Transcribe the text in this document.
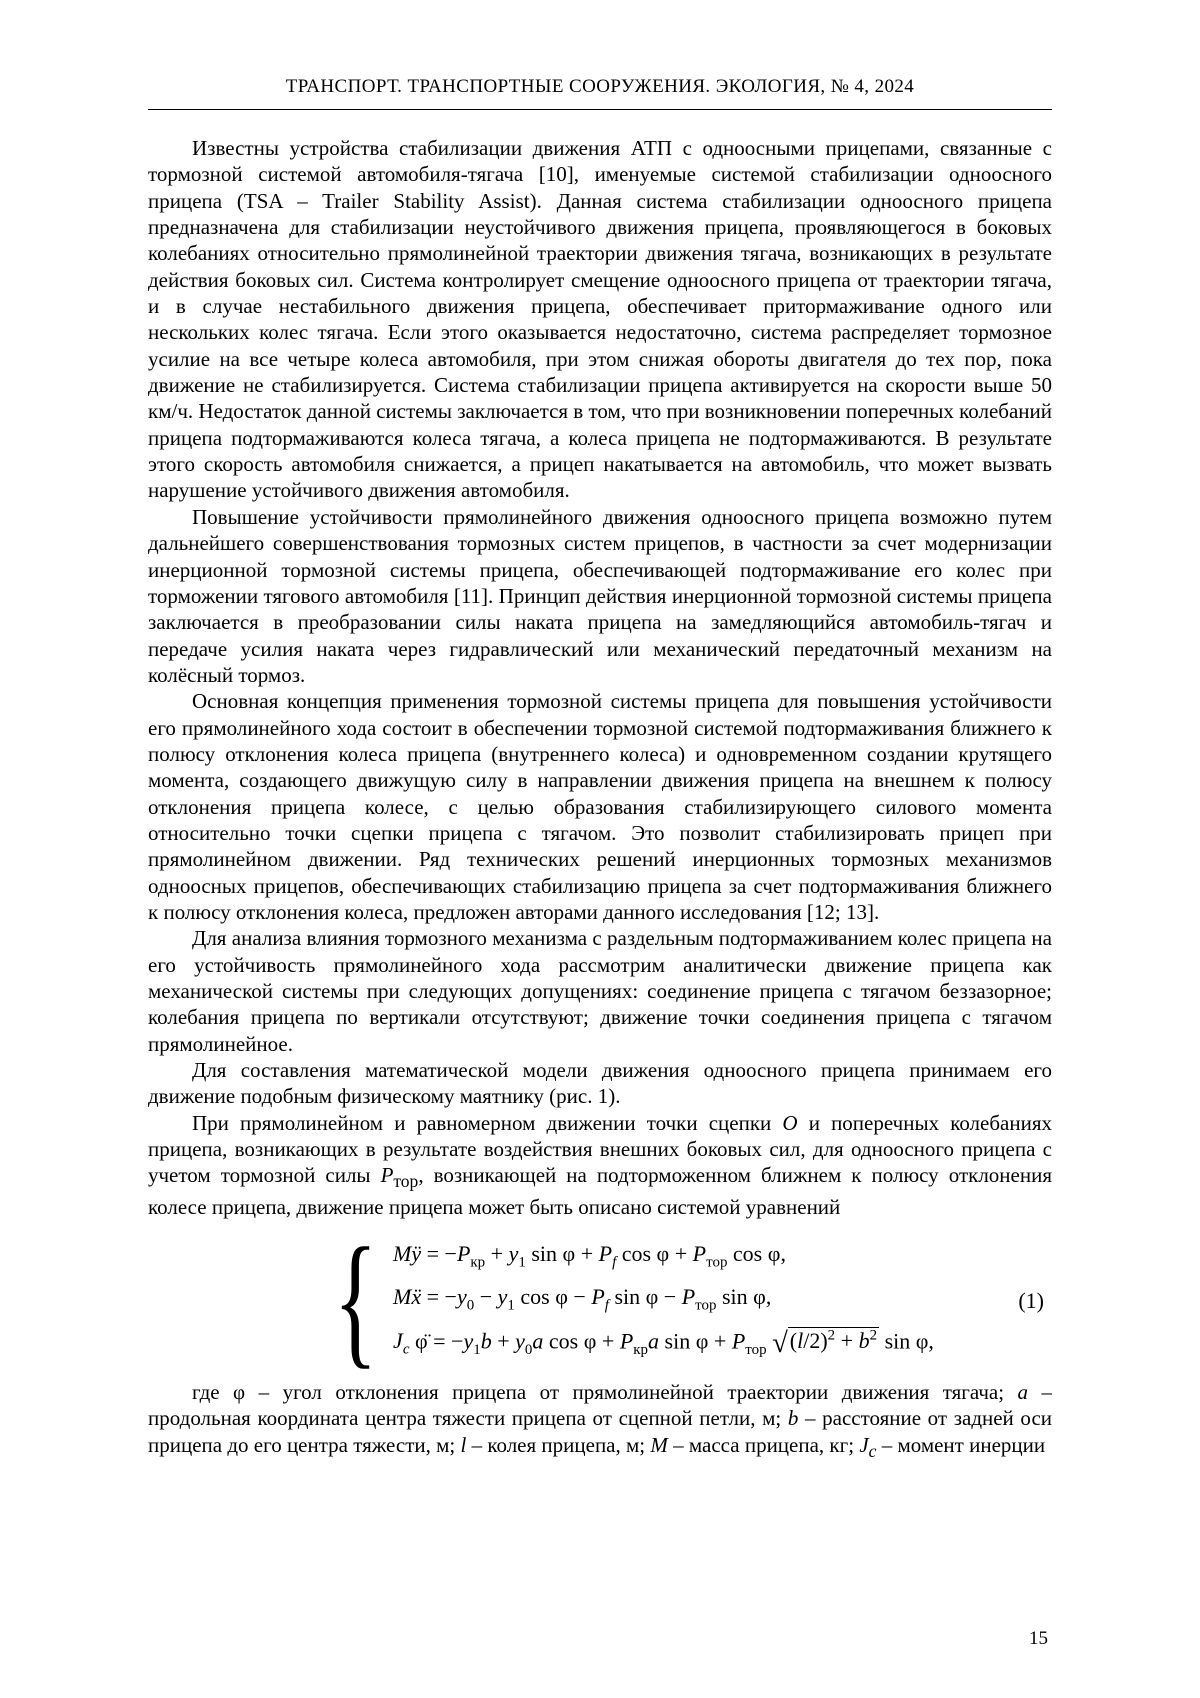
ТРАНСПОРТ. ТРАНСПОРТНЫЕ СООРУЖЕНИЯ. ЭКОЛОГИЯ, № 4, 2024

Известны устройства стабилизации движения АТП с одноосными прицепами, связанные с тормозной системой автомобиля-тягача [10], именуемые системой стабилизации одноосного прицепа (TSA – Trailer Stability Assist). Данная система стабилизации одноосного прицепа предназначена для стабилизации неустойчивого движения прицепа, проявляющегося в боковых колебаниях относительно прямолинейной траектории движения тягача, возникающих в результате действия боковых сил. Система контролирует смещение одноосного прицепа от траектории тягача, и в случае нестабильного движения прицепа, обеспечивает притормаживание одного или нескольких колес тягача. Если этого оказывается недостаточно, система распределяет тормозное усилие на все четыре колеса автомобиля, при этом снижая обороты двигателя до тех пор, пока движение не стабилизируется. Система стабилизации прицепа активируется на скорости выше 50 км/ч. Недостаток данной системы заключается в том, что при возникновении поперечных колебаний прицепа подтормаживаются колеса тягача, а колеса прицепа не подтормаживаются. В результате этого скорость автомобиля снижается, а прицеп накатывается на автомобиль, что может вызвать нарушение устойчивого движения автомобиля.

Повышение устойчивости прямолинейного движения одноосного прицепа возможно путем дальнейшего совершенствования тормозных систем прицепов, в частности за счет модернизации инерционной тормозной системы прицепа, обеспечивающей подтормаживание его колес при торможении тягового автомобиля [11]. Принцип действия инерционной тормозной системы прицепа заключается в преобразовании силы наката прицепа на замедляющийся автомобиль-тягач и передаче усилия наката через гидравлический или механический передаточный механизм на колёсный тормоз.

Основная концепция применения тормозной системы прицепа для повышения устойчивости его прямолинейного хода состоит в обеспечении тормозной системой подтормаживания ближнего к полюсу отклонения колеса прицепа (внутреннего колеса) и одновременном создании крутящего момента, создающего движущую силу в направлении движения прицепа на внешнем к полюсу отклонения прицепа колесе, с целью образования стабилизирующего силового момента относительно точки сцепки прицепа с тягачом. Это позволит стабилизировать прицеп при прямолинейном движении. Ряд технических решений инерционных тормозных механизмов одноосных прицепов, обеспечивающих стабилизацию прицепа за счет подтормаживания ближнего к полюсу отклонения колеса, предложен авторами данного исследования [12; 13].

Для анализа влияния тормозного механизма с раздельным подтормаживанием колес прицепа на его устойчивость прямолинейного хода рассмотрим аналитически движение прицепа как механической системы при следующих допущениях: соединение прицепа с тягачом беззазорное; колебания прицепа по вертикали отсутствуют; движение точки соединения прицепа с тягачом прямолинейное.

Для составления математической модели движения одноосного прицепа принимаем его движение подобным физическому маятнику (рис. 1).

При прямолинейном и равномерном движении точки сцепки O и поперечных колебаниях прицепа, возникающих в результате воздействия внешних боковых сил, для одноосного прицепа с учетом тормозной силы $P_{тор}$, возникающей на подторможенном ближнем к полюсу отклонения колесе прицепа, движение прицепа может быть описано системой уравнений

{ Mÿ = $-P_{кр} + y_1$ $\sin \varphi + P_f$ $\cos \varphi + P_{тор}$ cos φ,
Mẍ = $-y_0 - y_1$ $\cos \varphi - P_f$ $\sin \varphi - P_{тор}$ sin φ,
$J_c$ φ̈ = $-y_1b + y_0a$ $\cos \varphi + P_{кр}a$ $\sin \varphi + P_{тор}$ $√(l/2)^2 + b^2$ sin φ,
(1)

где φ – угол отклонения прицепа от прямолинейной траектории движения тягача; a – продольная координата центра тяжести прицепа от сцепной петли, м; b – расстояние от задней оси прицепа до его центра тяжести, м; l – колея прицепа, м; M – масса прицепа, кг; $J_c$ – момент инерции

15
